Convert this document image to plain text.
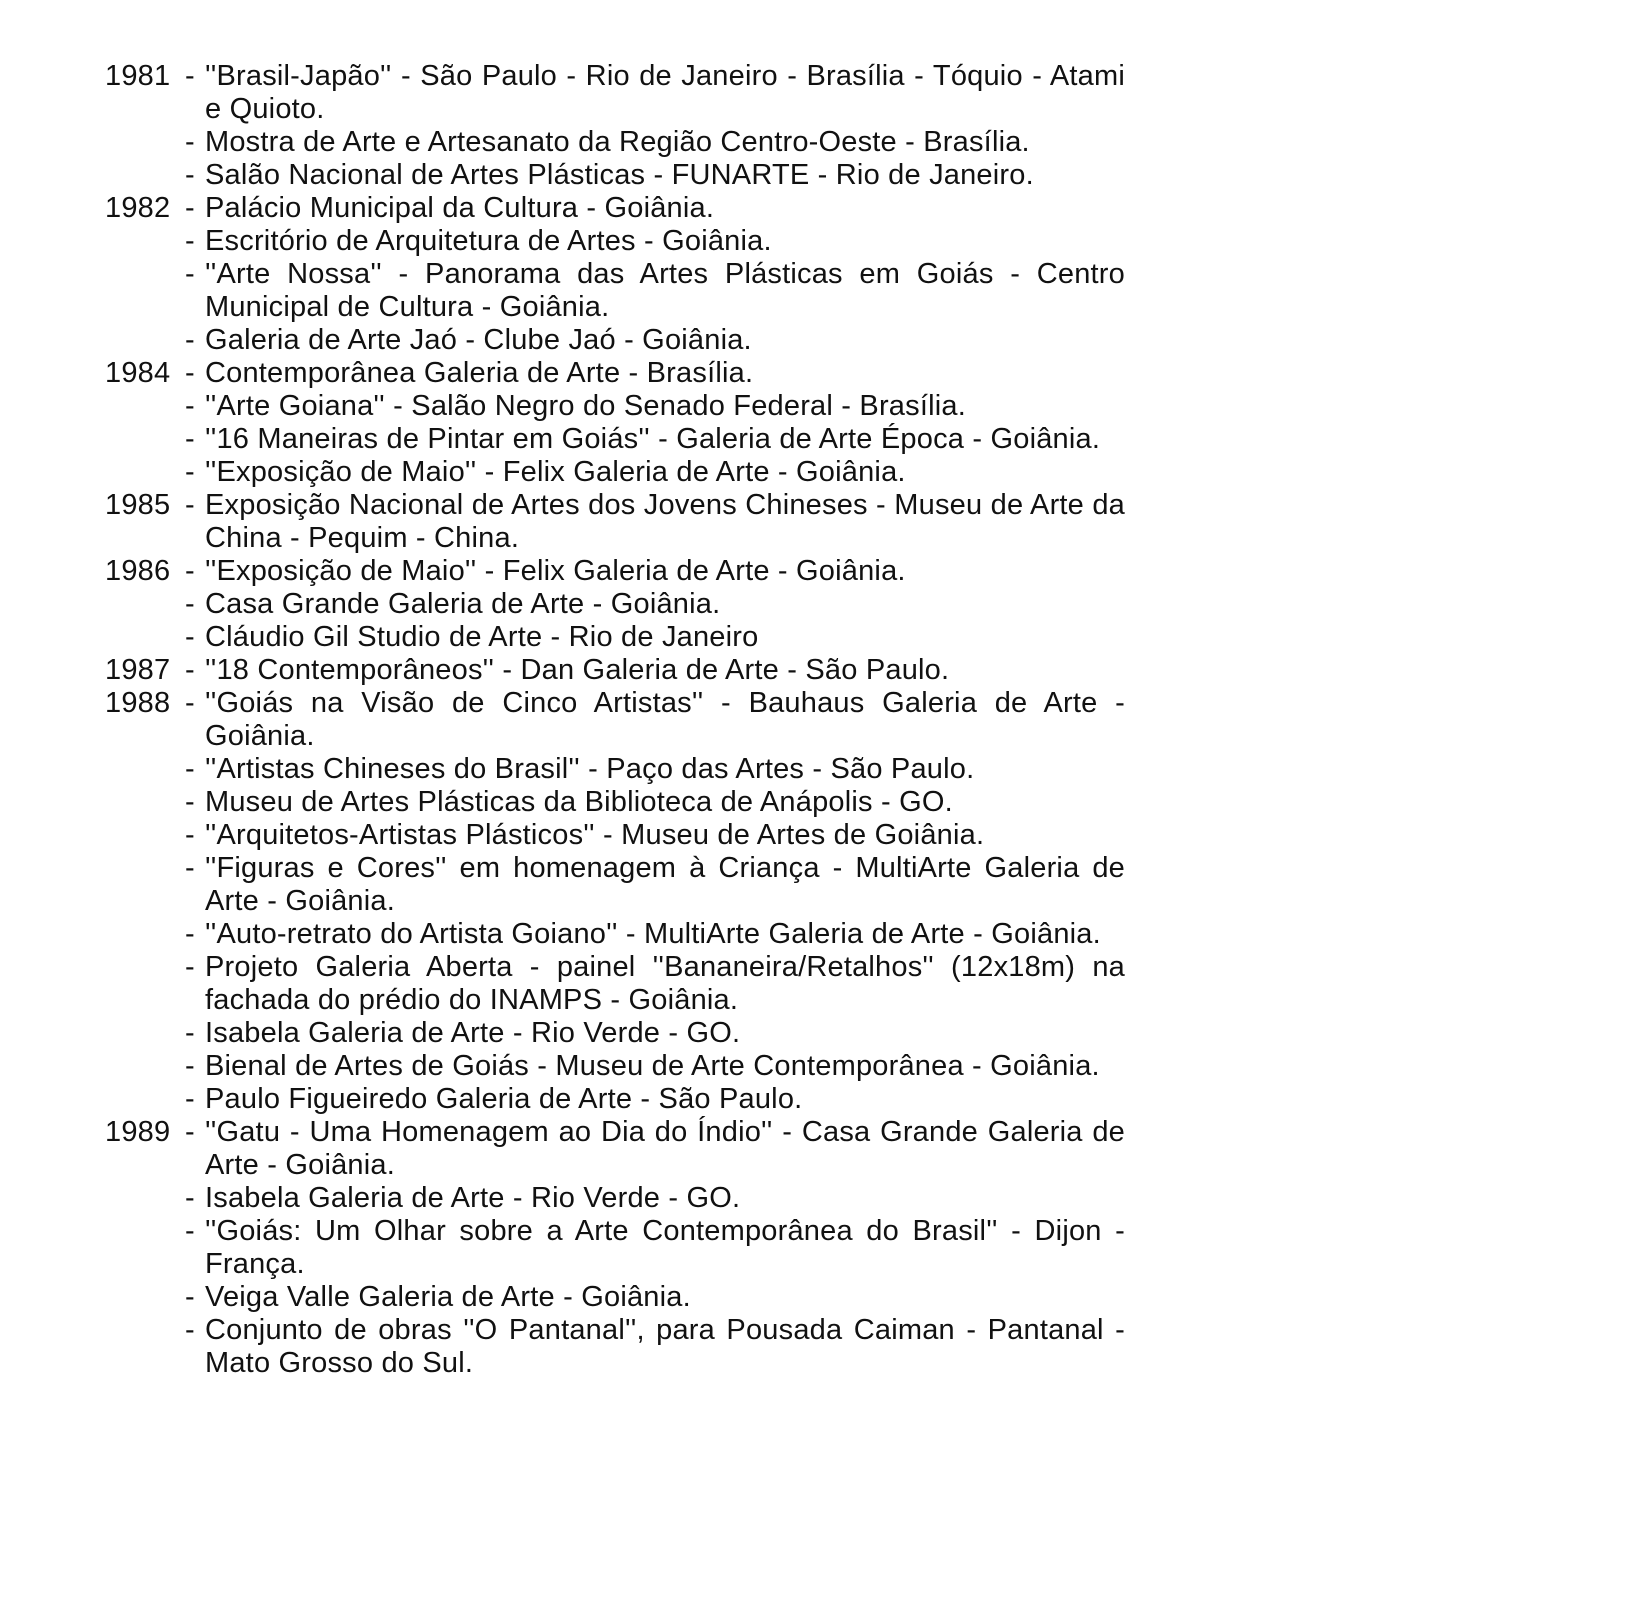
1981 - ''Brasil-Japão'' - São Paulo - Rio de Janeiro - Brasília - Tóquio - Atami e Quioto.

- Mostra de Arte e Artesanato da Região Centro-Oeste - Brasília.

- Salão Nacional de Artes Plásticas - FUNARTE - Rio de Janeiro.

1982 - Palácio Municipal da Cultura - Goiânia.

- Escritório de Arquitetura de Artes - Goiânia.

- ''Arte Nossa'' - Panorama das Artes Plásticas em Goiás - Centro Municipal de Cultura - Goiânia.

- Galeria de Arte Jaó - Clube Jaó - Goiânia.

1984 - Contemporânea Galeria de Arte - Brasília.

- ''Arte Goiana'' - Salão Negro do Senado Federal - Brasília.

- ''16 Maneiras de Pintar em Goiás'' - Galeria de Arte Época - Goiânia.

- ''Exposição de Maio'' - Felix Galeria de Arte - Goiânia.

1985 - Exposição Nacional de Artes dos Jovens Chineses - Museu de Arte da China - Pequim - China.

1986 - ''Exposição de Maio'' - Felix Galeria de Arte - Goiânia.

- Casa Grande Galeria de Arte - Goiânia.

- Cláudio Gil Studio de Arte - Rio de Janeiro

1987 - ''18 Contemporâneos'' - Dan Galeria de Arte - São Paulo.

1988 - ''Goiás na Visão de Cinco Artistas'' - Bauhaus Galeria de Arte - Goiânia.

- ''Artistas Chineses do Brasil'' - Paço das Artes - São Paulo.

- Museu de Artes Plásticas da Biblioteca de Anápolis - GO.

- ''Arquitetos-Artistas Plásticos'' - Museu de Artes de Goiânia.

- ''Figuras e Cores'' em homenagem à Criança - MultiArte Galeria de Arte - Goiânia.

- ''Auto-retrato do Artista Goiano'' - MultiArte Galeria de Arte - Goiânia.

- Projeto Galeria Aberta - painel ''Bananeira/Retalhos'' (12x18m) na fachada do prédio do INAMPS - Goiânia.

- Isabela Galeria de Arte - Rio Verde - GO.

- Bienal de Artes de Goiás - Museu de Arte Contemporânea - Goiânia.

- Paulo Figueiredo Galeria de Arte - São Paulo.

1989 - ''Gatu - Uma Homenagem ao Dia do Índio'' - Casa Grande Galeria de Arte - Goiânia.

- Isabela Galeria de Arte - Rio Verde - GO.

- ''Goiás: Um Olhar sobre a Arte Contemporânea do Brasil'' - Dijon - França.

- Veiga Valle Galeria de Arte - Goiânia.

- Conjunto de obras ''O Pantanal'', para Pousada Caiman - Pantanal - Mato Grosso do Sul.
